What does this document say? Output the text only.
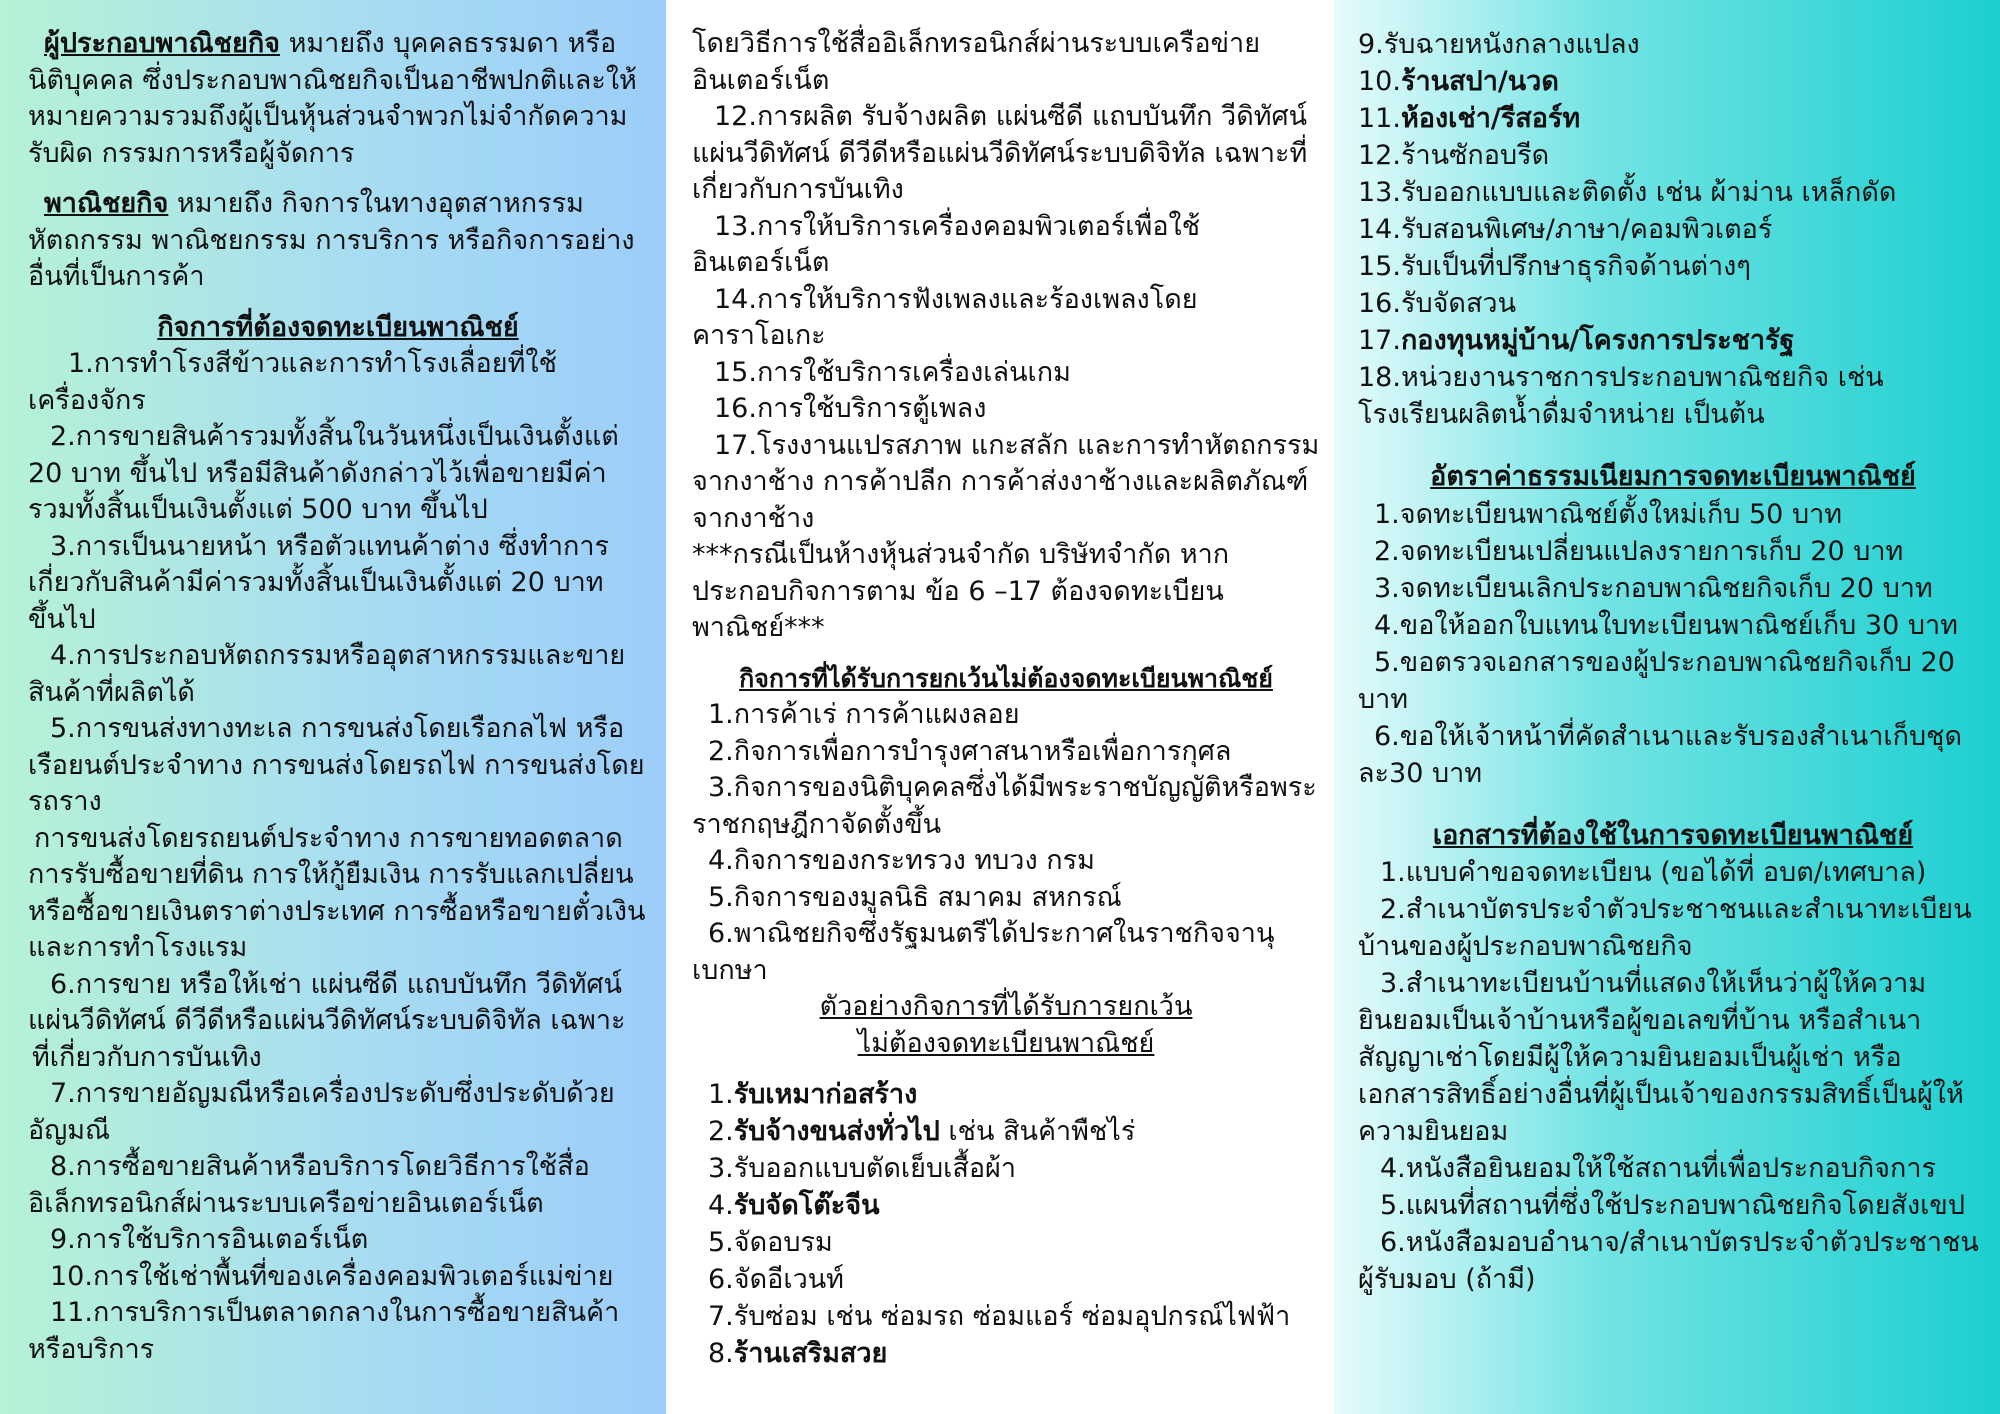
ผู้ประกอบพาณิชยกิจ หมายถึง บุคคลธรรมดา หรือ นิติบุคคล ซึ่งประกอบพาณิชยกิจเป็นอาชีพปกติและให้หมายความรวมถึงผู้เป็นหุ้นส่วนจำพวกไม่จำกัดความรับผิด กรรมการหรือผู้จัดการ

พาณิชยกิจ หมายถึง กิจการในทางอุตสาหกรรม หัตถกรรม พาณิชยกรรม การบริการ หรือกิจการอย่างอื่นที่เป็นการค้า

กิจการที่ต้องจดทะเบียนพาณิชย์

1.การทำโรงสีข้าวและการทำโรงเลื่อยที่ใช้เครื่องจักร

2.การขายสินค้ารวมทั้งสิ้นในวันหนึ่งเป็นเงินตั้งแต่ 20 บาท ขึ้นไป หรือมีสินค้าดังกล่าวไว้เพื่อขายมีค่ารวมทั้งสิ้นเป็นเงินตั้งแต่ 500 บาท ขึ้นไป

3.การเป็นนายหน้า หรือตัวแทนค้าต่าง ซึ่งทำการเกี่ยวกับสินค้ามีค่ารวมทั้งสิ้นเป็นเงินตั้งแต่ 20 บาท ขึ้นไป

4.การประกอบหัตถกรรมหรืออุตสาหกรรมและขายสินค้าที่ผลิตได้

5.การขนส่งทางทะเล การขนส่งโดยเรือกลไฟ หรือเรือยนต์ประจำทาง การขนส่งโดยรถไฟ การขนส่งโดยรถราง

การขนส่งโดยรถยนต์ประจำทาง การขายทอดตลาด การรับซื้อขายที่ดิน การให้กู้ยืมเงิน การรับแลกเปลี่ยนหรือซื้อขายเงินตราต่างประเทศ การซื้อหรือขายตั๋วเงิน และการทำโรงแรม

6.การขาย หรือให้เช่า แผ่นซีดี แถบบันทึก วีดิทัศน์ แผ่นวีดิทัศน์ ดีวีดีหรือแผ่นวีดิทัศน์ระบบดิจิทัล เฉพาะ

ที่เกี่ยวกับการบันเทิง

7.การขายอัญมณีหรือเครื่องประดับซึ่งประดับด้วยอัญมณี

8.การซื้อขายสินค้าหรือบริการโดยวิธีการใช้สื่ออิเล็กทรอนิกส์ผ่านระบบเครือข่ายอินเตอร์เน็ต

9.การใช้บริการอินเตอร์เน็ต

10.การใช้เช่าพื้นที่ของเครื่องคอมพิวเตอร์แม่ข่าย

11.การบริการเป็นตลาดกลางในการซื้อขายสินค้าหรือบริการ

โดยวิธีการใช้สื่ออิเล็กทรอนิกส์ผ่านระบบเครือข่ายอินเตอร์เน็ต

12.การผลิต รับจ้างผลิต แผ่นซีดี แถบบันทึก วีดิทัศน์ แผ่นวีดิทัศน์ ดีวีดีหรือแผ่นวีดิทัศน์ระบบดิจิทัล เฉพาะที่เกี่ยวกับการบันเทิง

13.การให้บริการเครื่องคอมพิวเตอร์เพื่อใช้อินเตอร์เน็ต

14.การให้บริการฟังเพลงและร้องเพลงโดยคาราโอเกะ

15.การใช้บริการเครื่องเล่นเกม

16.การใช้บริการตู้เพลง

17.โรงงานแปรสภาพ แกะสลัก และการทำหัตถกรรมจากงาช้าง การค้าปลีก การค้าส่งงาช้างและผลิตภัณฑ์จากงาช้าง

***กรณีเป็นห้างหุ้นส่วนจำกัด บริษัทจำกัด หากประกอบกิจการตาม ข้อ 6 –17 ต้องจดทะเบียนพาณิชย์***

กิจการที่ได้รับการยกเว้นไม่ต้องจดทะเบียนพาณิชย์

1.การค้าเร่ การค้าแผงลอย

2.กิจการเพื่อการบำรุงศาสนาหรือเพื่อการกุศล

3.กิจการของนิติบุคคลซึ่งได้มีพระราชบัญญัติหรือพระราชกฤษฎีกาจัดตั้งขึ้น

4.กิจการของกระทรวง ทบวง กรม

5.กิจการของมูลนิธิ สมาคม สหกรณ์

6.พาณิชยกิจซึ่งรัฐมนตรีได้ประกาศในราชกิจจานุเบกษา

ตัวอย่างกิจการที่ได้รับการยกเว้น

ไม่ต้องจดทะเบียนพาณิชย์

1.รับเหมาก่อสร้าง

2.รับจ้างขนส่งทั่วไป เช่น สินค้าพืชไร่

3.รับออกแบบตัดเย็บเสื้อผ้า

4.รับจัดโต๊ะจีน

5.จัดอบรม

6.จัดอีเวนท์

7.รับซ่อม เช่น ซ่อมรถ ซ่อมแอร์ ซ่อมอุปกรณ์ไฟฟ้า

8.ร้านเสริมสวย

9.รับฉายหนังกลางแปลง

10.ร้านสปา/นวด

11.ห้องเช่า/รีสอร์ท

12.ร้านซักอบรีด

13.รับออกแบบและติดตั้ง เช่น ผ้าม่าน เหล็กดัด

14.รับสอนพิเศษ/ภาษา/คอมพิวเตอร์

15.รับเป็นที่ปรึกษาธุรกิจด้านต่างๆ

16.รับจัดสวน

17.กองทุนหมู่บ้าน/โครงการประชารัฐ

18.หน่วยงานราชการประกอบพาณิชยกิจ เช่น โรงเรียนผลิตน้ำดื่มจำหน่าย เป็นต้น

อัตราค่าธรรมเนียมการจดทะเบียนพาณิชย์

1.จดทะเบียนพาณิชย์ตั้งใหม่เก็บ 50 บาท

2.จดทะเบียนเปลี่ยนแปลงรายการเก็บ 20 บาท

3.จดทะเบียนเลิกประกอบพาณิชยกิจเก็บ 20 บาท

4.ขอให้ออกใบแทนใบทะเบียนพาณิชย์เก็บ 30 บาท

5.ขอตรวจเอกสารของผู้ประกอบพาณิชยกิจเก็บ 20 บาท

6.ขอให้เจ้าหน้าที่คัดสำเนาและรับรองสำเนาเก็บชุดละ30 บาท

เอกสารที่ต้องใช้ในการจดทะเบียนพาณิชย์

1.แบบคำขอจดทะเบียน (ขอได้ที่ อบต/เทศบาล)

2.สำเนาบัตรประจำตัวประชาชนและสำเนาทะเบียนบ้านของผู้ประกอบพาณิชยกิจ

3.สำเนาทะเบียนบ้านที่แสดงให้เห็นว่าผู้ให้ความยินยอมเป็นเจ้าบ้านหรือผู้ขอเลขที่บ้าน หรือสำเนาสัญญาเช่าโดยมีผู้ให้ความยินยอมเป็นผู้เช่า หรือเอกสารสิทธิ์อย่างอื่นที่ผู้เป็นเจ้าของกรรมสิทธิ์เป็นผู้ให้ความยินยอม

4.หนังสือยินยอมให้ใช้สถานที่เพื่อประกอบกิจการ

5.แผนที่สถานที่ซึ่งใช้ประกอบพาณิชยกิจโดยสังเขป

6.หนังสือมอบอำนาจ/สำเนาบัตรประจำตัวประชาชนผู้รับมอบ (ถ้ามี)
